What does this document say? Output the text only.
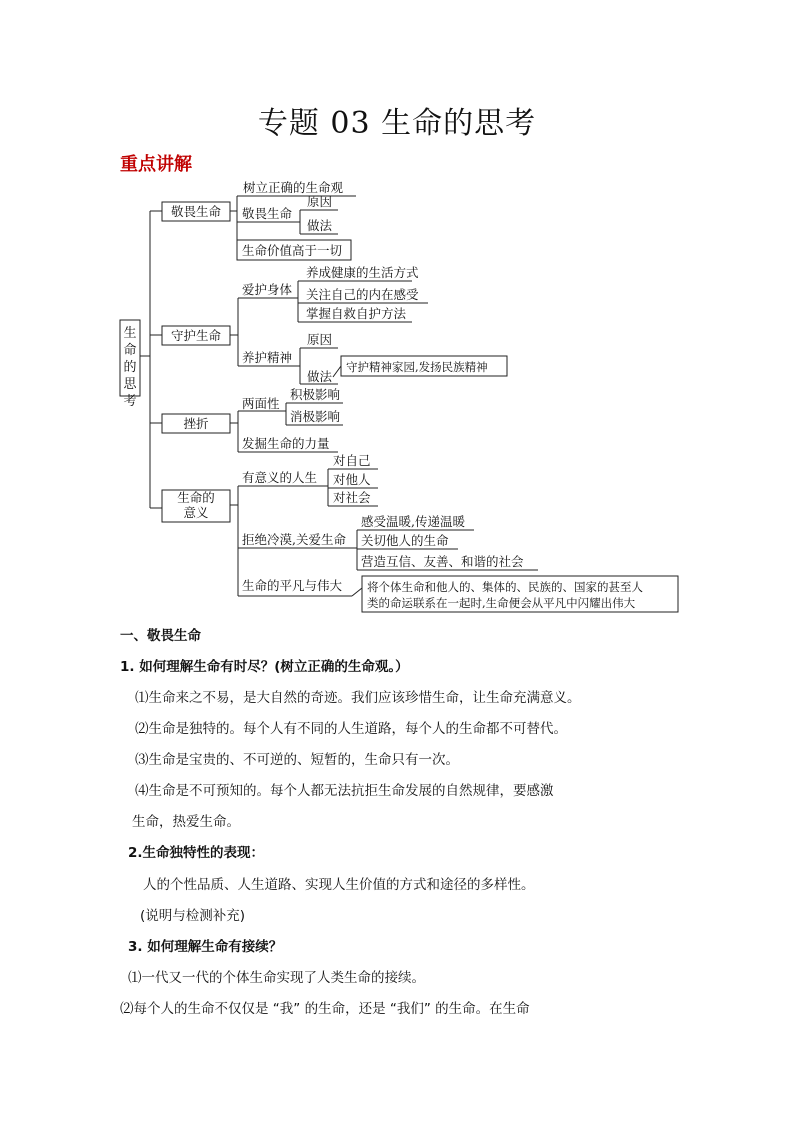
专题 03 生命的思考
重点讲解
生
命
的
思
考
敬畏生命
守护生命
挫折
生命的
意义
树立正确的生命观
敬畏生命
原因
做法
生命价值高于一切
爱护身体
养成健康的生活方式
关注自己的内在感受
掌握自救自护方法
养护精神
原因
做法
守护精神家园,发扬民族精神
两面性
积极影响
消极影响
发掘生命的力量
有意义的人生
对自己
对他人
对社会
拒绝冷漠,关爱生命
感受温暖,传递温暖
关切他人的生命
营造互信、友善、和谐的社会
生命的平凡与伟大 将个体生命和他人的、集体的、民族的、国家的甚至人
类的命运联系在一起时,生命便会从平凡中闪耀出伟大
一、敬畏生命
1. 如何理解生命有时尽？(树立正确的生命观。）
⑴生命来之不易，是大自然的奇迹。我们应该珍惜生命，让生命充满意义。
⑵生命是独特的。每个人有不同的人生道路，每个人的生命都不可替代。
⑶生命是宝贵的、不可逆的、短暂的，生命只有一次。
⑷生命是不可预知的。每个人都无法抗拒生命发展的自然规律，要感激
生命，热爱生命。
2.生命独特性的表现：
人的个性品质、人生道路、实现人生价值的方式和途径的多样性。
(说明与检测补充)
3. 如何理解生命有接续？
⑴一代又一代的个体生命实现了人类生命的接续。
⑵每个人的生命不仅仅是 “我” 的生命，还是 “我们” 的生命。在生命
